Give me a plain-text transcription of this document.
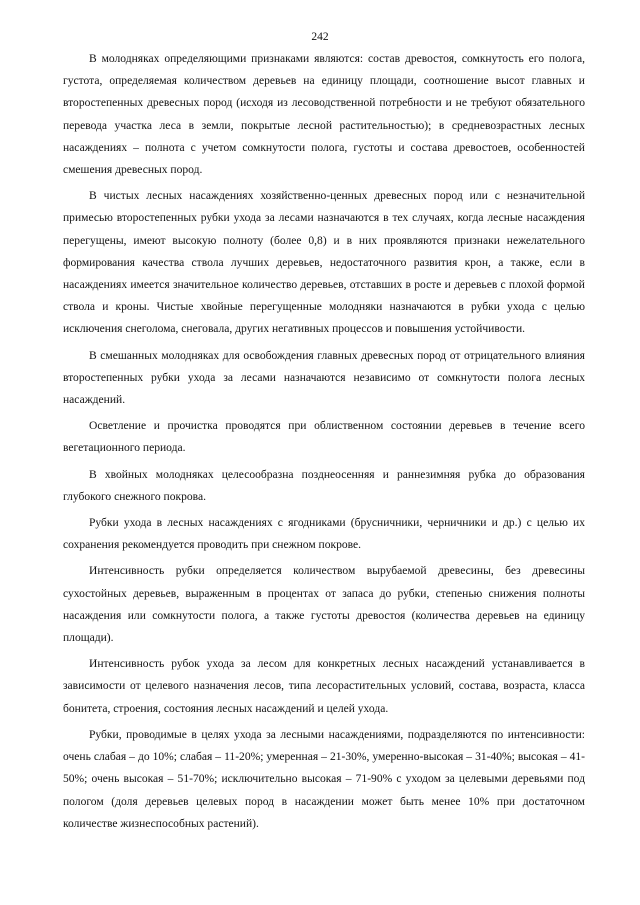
242

В молодняках определяющими признаками являются: состав древостоя, сомкнутость его полога, густота, определяемая количеством деревьев на единицу площади, соотношение высот главных и второстепенных древесных пород (исходя из лесоводственной потребности и не требуют обязательного перевода участка леса в земли, покрытые лесной растительностью); в средневозрастных лесных насаждениях – полнота с учетом сомкнутости полога, густоты и состава древостоев, особенностей смешения древесных пород.

В чистых лесных насаждениях хозяйственно-ценных древесных пород или с незначительной примесью второстепенных рубки ухода за лесами назначаются в тех случаях, когда лесные насаждения перегущены, имеют высокую полноту (более 0,8) и в них проявляются признаки нежелательного формирования качества ствола лучших деревьев, недостаточного развития крон, а также, если в насаждениях имеется значительное количество деревьев, отставших в росте и деревьев с плохой формой ствола и кроны. Чистые хвойные перегущенные молодняки назначаются в рубки ухода с целью исключения снеголома, снеговала, других негативных процессов и повышения устойчивости.

В смешанных молодняках для освобождения главных древесных пород от отрицательного влияния второстепенных рубки ухода за лесами назначаются независимо от сомкнутости полога лесных насаждений.

Осветление и прочистка проводятся при облиственном состоянии деревьев в течение всего вегетационного периода.

В хвойных молодняках целесообразна позднеосенняя и раннезимняя рубка до образования глубокого снежного покрова.

Рубки ухода в лесных насаждениях с ягодниками (брусничники, черничники и др.) с целью их сохранения рекомендуется проводить при снежном покрове.

Интенсивность рубки определяется количеством вырубаемой древесины, без древесины сухостойных деревьев, выраженным в процентах от запаса до рубки, степенью снижения полноты насаждения или сомкнутости полога, а также густоты древостоя (количества деревьев на единицу площади).

Интенсивность рубок ухода за лесом для конкретных лесных насаждений устанавливается в зависимости от целевого назначения лесов, типа лесорастительных условий, состава, возраста, класса бонитета, строения, состояния лесных насаждений и целей ухода.

Рубки, проводимые в целях ухода за лесными насаждениями, подразделяются по интенсивности: очень слабая – до 10%; слабая – 11-20%; умеренная – 21-30%, умеренно-высокая – 31-40%; высокая – 41-50%; очень высокая – 51-70%; исключительно высокая – 71-90% с уходом за целевыми деревьями под пологом (доля деревьев целевых пород в насаждении может быть менее 10% при достаточном количестве жизнеспособных растений).
